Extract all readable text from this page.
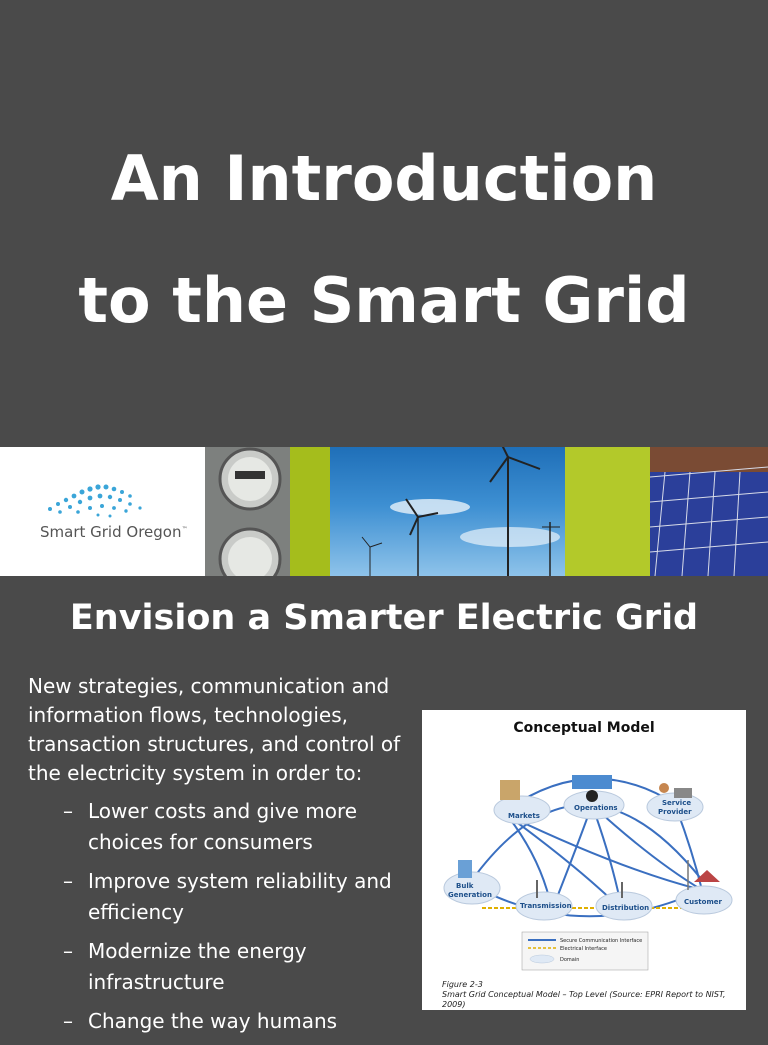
An Introduction
to the Smart Grid
Smart Grid Oregon™
Envision a Smarter Electric Grid
New strategies, communication and information flows, technologies, transaction structures, and control of the electricity system in order to:
– Lower costs and give more choices for consumers
– Improve system reliability and efficiency
– Modernize the energy infrastructure
– Change the way humans
Conceptual Model
Markets
Operations
Service
Provider
Bulk
Generation
Transmission	Distribution
Customer
Secure Communication Interface
Electrical Interface
Domain
Figure 2-3
Smart Grid Conceptual Model – Top Level (Source: EPRI Report to NIST, 2009)
